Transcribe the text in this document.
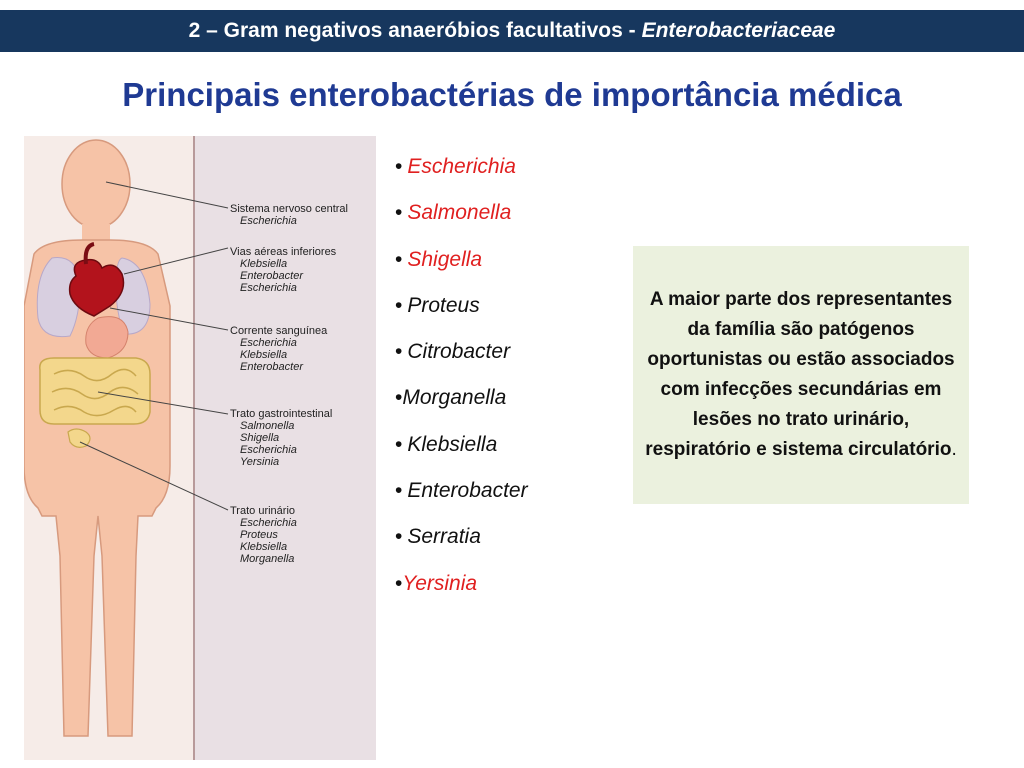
2 – Gram negativos anaeróbios facultativos - Enterobacteriaceae
Principais enterobactérias de importância médica
Sistema nervoso central
Escherichia
Vias aéreas inferiores
Klebsiella
Enterobacter
Escherichia
Corrente sanguínea
Escherichia
Klebsiella
Enterobacter
Trato gastrointestinal
Salmonella
Shigella
Escherichia
Yersinia
Trato urinário
Escherichia
Proteus
Klebsiella
Morganella
• Escherichia
• Salmonella
• Shigella
• Proteus
• Citrobacter
•Morganella
• Klebsiella
• Enterobacter
• Serratia
•Yersinia

A maior parte dos representantes da família são patógenos oportunistas ou estão associados com infecções secundárias em lesões no trato urinário, respiratório e sistema circulatório.
